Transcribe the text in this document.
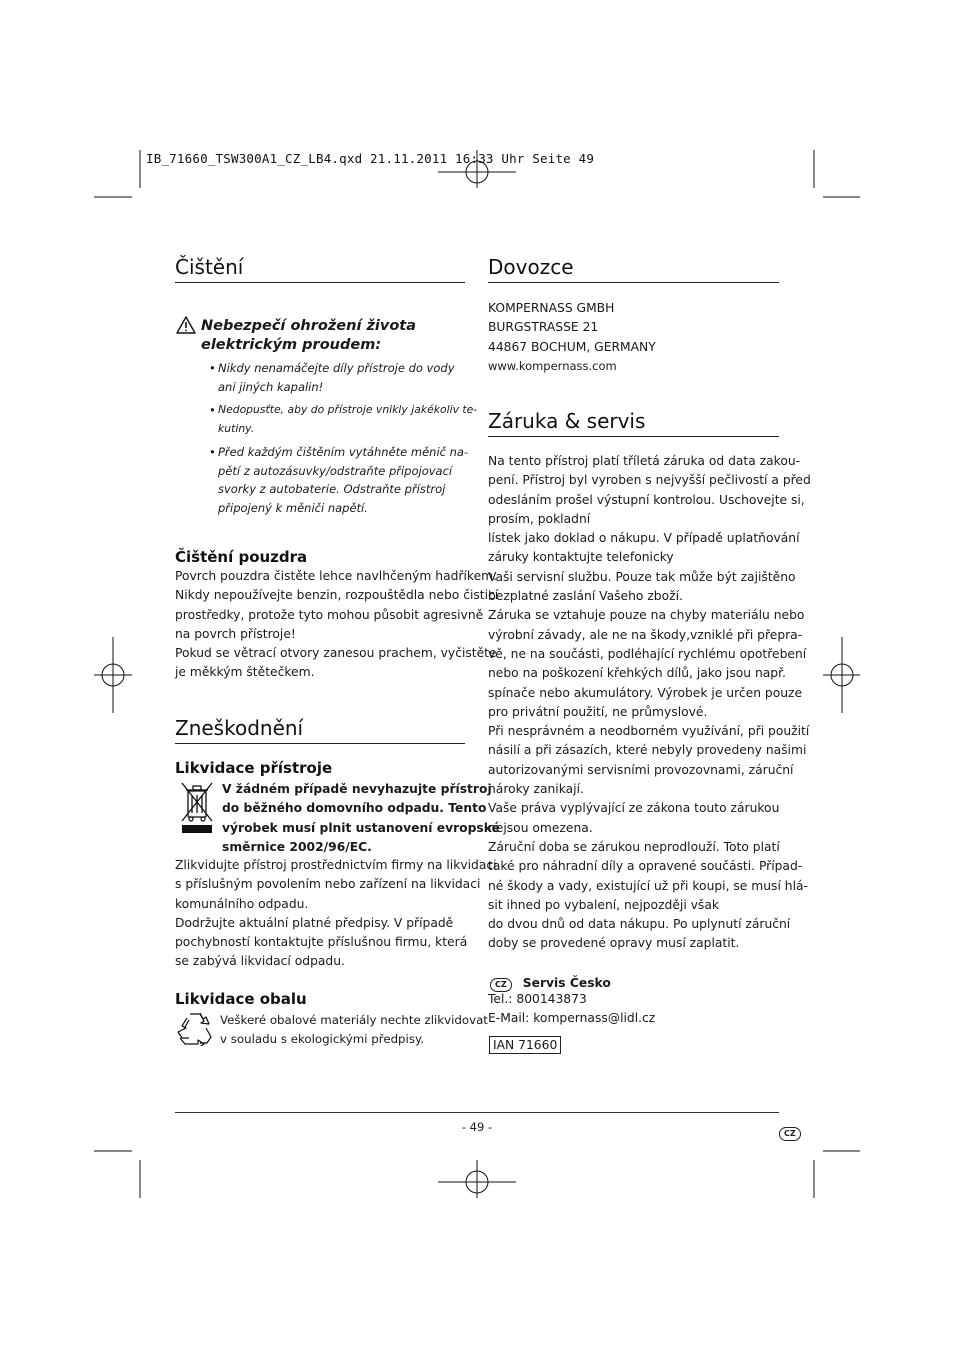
IB_71660_TSW300A1_CZ_LB4.qxd 21.11.2011 16:33 Uhr Seite 49
Čištění

Nebezpečí ohrožení života

elektrickým proudem:

• Nikdy nenamáčejte díly přístroje do vody

ani jiných kapalin!

• Nedopusťte, aby do přístroje vnikly jakékoliv te-

kutiny.

• Před každým čištěním vytáhněte měnič na-

pětí z autozásuvky/odstraňte připojovací

svorky z autobaterie. Odstraňte přístroj

připojený k měniči napětí.

Čištění pouzdra

Povrch pouzdra čistěte lehce navlhčeným hadříkem.

Nikdy nepoužívejte benzin, rozpouštědla nebo čisticí

prostředky, protože tyto mohou působit agresivně

na povrch přístroje!

Pokud se větrací otvory zanesou prachem, vyčistěte

je měkkým štětečkem.

Zneškodnění

Likvidace přístroje

V žádném případě nevyhazujte přístroj

do běžného domovního odpadu. Tento

výrobek musí plnit ustanovení evropské

směrnice 2002/96/EC.

Zlikvidujte přístroj prostřednictvím firmy na likvidaci

s příslušným povolením nebo zařízení na likvidaci

komunálního odpadu.

Dodržujte aktuální platné předpisy. V případě

pochybností kontaktujte příslušnou firmu, která

se zabývá likvidací odpadu.

Likvidace obalu

Veškeré obalové materiály nechte zlikvidovat

v souladu s ekologickými předpisy.

Dovozce

KOMPERNASS GMBH

BURGSTRASSE 21

44867 BOCHUM, GERMANY

www.kompernass.com

Záruka & servis

Na tento přístroj platí tříletá záruka od data zakou-

pení. Přístroj byl vyroben s nejvyšší pečlivostí a před

odesláním prošel výstupní kontrolou. Uschovejte si,

prosím, pokladní

lístek jako doklad o nákupu. V případě uplatňování

záruky kontaktujte telefonicky

Vaši servisní službu. Pouze tak může být zajištěno

bezplatné zaslání Vašeho zboží.

Záruka se vztahuje pouze na chyby materiálu nebo

výrobní závady, ale ne na škody,vzniklé při přepra-

vě, ne na součásti, podléhající rychlému opotřebení

nebo na poškození křehkých dílů, jako jsou např.

spínače nebo akumulátory. Výrobek je určen pouze

pro privátní použití, ne průmyslové.

Při nesprávném a neodborném využívání, při použití

násilí a při zásazích, které nebyly provedeny našimi

autorizovanými servisními provozovnami, záruční

nároky zanikají.

Vaše práva vyplývající ze zákona touto zárukou

nejsou omezena.

Záruční doba se zárukou neprodlouží. Toto platí

také pro náhradní díly a opravené součásti. Případ-

né škody a vady, existující už při koupi, se musí hlá-

sit ihned po vybalení, nejpozději však

do dvou dnů od data nákupu. Po uplynutí záruční

doby se provedené opravy musí zaplatit.

CZ Servis Česko

Tel.: 800143873

E-Mail: kompernass@lidl.cz

IAN 71660
- 49 -	CZ
